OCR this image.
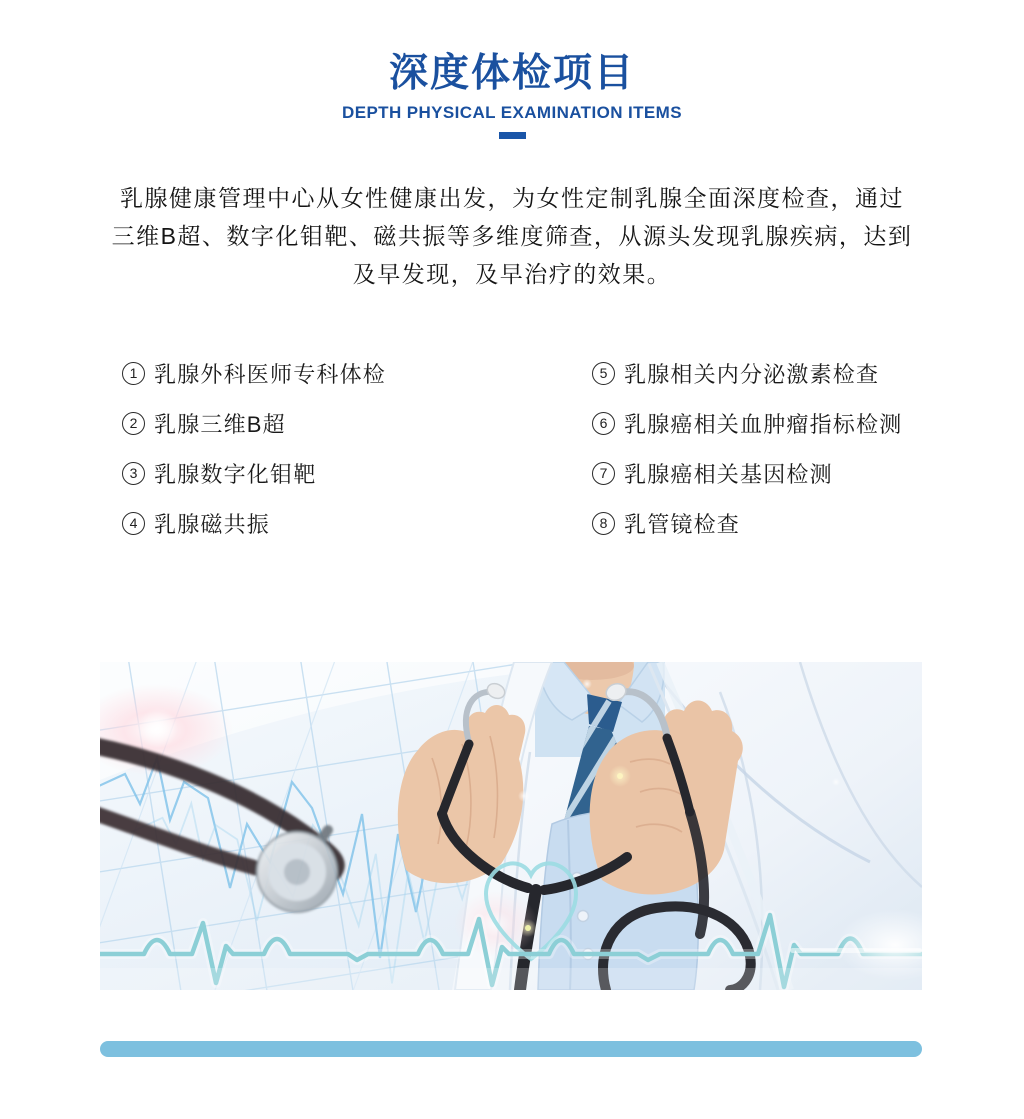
深度体检项目
DEPTH PHYSICAL EXAMINATION ITEMS
乳腺健康管理中心从女性健康出发，为女性定制乳腺全面深度检查，通过
三维B超、数字化钼靶、磁共振等多维度筛查，从源头发现乳腺疾病，达到
及早发现，及早治疗的效果。
1 乳腺外科医师专科体检
2 乳腺三维B超
3 乳腺数字化钼靶
4 乳腺磁共振
5 乳腺相关内分泌激素检查
6 乳腺癌相关血肿瘤指标检测
7 乳腺癌相关基因检测
8 乳管镜检查
